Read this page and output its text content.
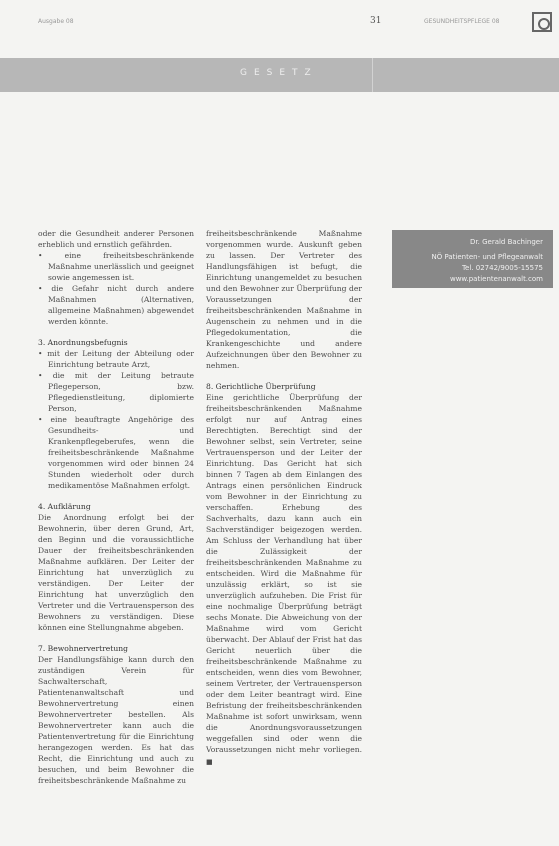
Ausgabe 08	31	GESUNDHEITSPFLEGE 08
GESETZ

oder die Gesundheit anderer Personen erheblich und ernstlich gefährden.

• eine freiheitsbeschränkende Maßnahme unerlässlich und geeignet sowie angemessen ist.
• die Gefahr nicht durch andere Maßnahmen (Alternativen, allgemeine Maßnahmen) abgewendet werden könnte.
3. Anordnungsbefugnis
• mit der Leitung der Abteilung oder Einrichtung betraute Arzt,
• die mit der Leitung betraute Pflegeperson, bzw. Pflegedienstleitung, diplomierte Person,
• eine beauftragte Angehörige des Gesundheits- und Krankenpflegeberufes, wenn die freiheitsbeschränkende Maßnahme vorgenommen wird oder binnen 24 Stunden wiederholt oder durch medikamentöse Maßnahmen erfolgt.
4. Aufklärung

Die Anordnung erfolgt bei der Bewohnerin, über deren Grund, Art, den Beginn und die voraussichtliche Dauer der freiheitsbeschränkenden Maßnahme aufklären. Der Leiter der Einrichtung hat unverzüglich zu verständigen. Der Leiter der Einrichtung hat unverzüglich den Vertreter und die Vertrauensperson des Bewohners zu verständigen. Diese können eine Stellungnahme abgeben.

7. Bewohnervertretung

Der Handlungsfähige kann durch den zuständigen Verein für Sachwalterschaft, Patientenanwaltschaft und Bewohnervertretung einen Bewohnervertreter bestellen. Als Bewohnervertreter kann auch die Patientenvertretung für die Einrichtung herangezogen werden. Es hat das Recht, die Einrichtung und auch zu besuchen, und beim Bewohner die freiheitsbeschränkende Maßnahme zu

freiheitsbeschränkende Maßnahme vorgenommen wurde. Auskunft geben zu lassen. Der Vertreter des Handlungsfähigen ist befugt, die Einrichtung unangemeldet zu besuchen und den Bewohner zur Überprüfung der Voraussetzungen der freiheitsbeschränkenden Maßnahme in Augenschein zu nehmen und in die Pflegedokumentation, die Krankengeschichte und andere Aufzeichnungen über den Bewohner zu nehmen.

8. Gerichtliche Überprüfung

Eine gerichtliche Überprüfung der freiheitsbeschränkenden Maßnahme erfolgt nur auf Antrag eines Berechtigten. Berechtigt sind der Bewohner selbst, sein Vertreter, seine Vertrauensperson und der Leiter der Einrichtung. Das Gericht hat sich binnen 7 Tagen ab dem Einlangen des Antrags einen persönlichen Eindruck vom Bewohner in der Einrichtung zu verschaffen. Erhebung des Sachverhalts, dazu kann auch ein Sachverständiger beigezogen werden. Am Schluss der Verhandlung hat über die Zulässigkeit der freiheitsbeschränkenden Maßnahme zu entscheiden. Wird die Maßnahme für unzulässig erklärt, so ist sie unverzüglich aufzuheben. Die Frist für eine nochmalige Überprüfung beträgt sechs Monate. Die Abweichung von der Maßnahme wird vom Gericht überwacht. Der Ablauf der Frist hat das Gericht neuerlich über die freiheitsbeschränkende Maßnahme zu entscheiden, wenn dies vom Bewohner, seinem Vertreter, der Vertrauensperson oder dem Leiter beantragt wird. Eine Befristung der freiheitsbeschränkenden Maßnahme ist sofort unwirksam, wenn die Anordnungsvoraussetzungen weggefallen sind oder wenn die Voraussetzungen nicht mehr vorliegen. ■

Dr. Gerald Bachinger
NÖ Patienten- und Pflegeanwalt
Tel. 02742/9005-15575
www.patientenanwalt.com
